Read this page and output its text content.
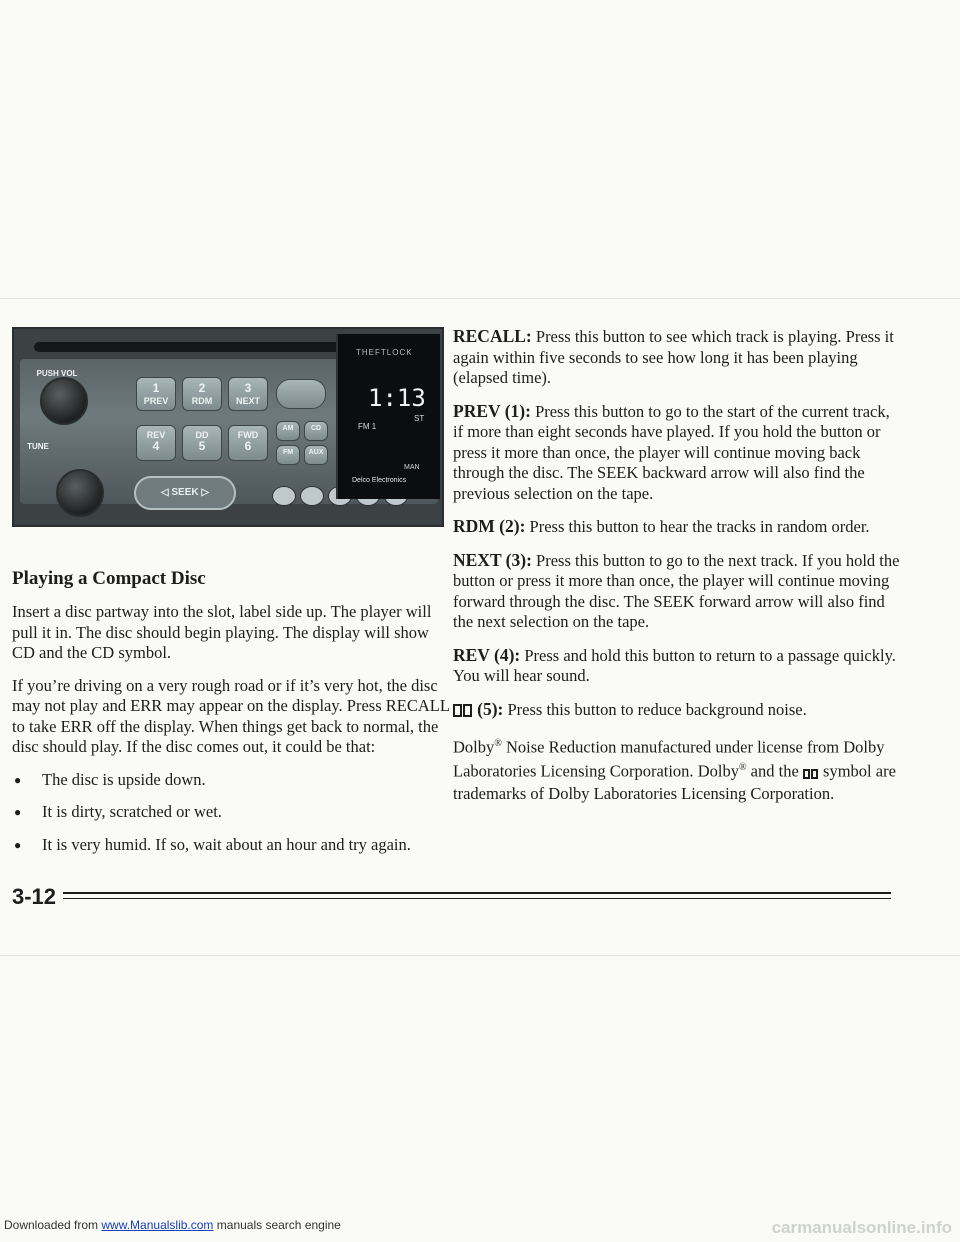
PUSH VOL
TUNE
1
PREV
2
RDM
3
NEXT
REV
4
DD
5
FWD
6
AM	CD
FM	AUX
◁ SEEK ▷
THEFTLOCK
1:13
FM 1
ST
MAN
Delco Electronics
Playing a Compact Disc

Insert a disc partway into the slot, label side up. The player will pull it in. The disc should begin playing. The display will show CD and the CD symbol.

If you’re driving on a very rough road or if it’s very hot, the disc may not play and ERR may appear on the display. Press RECALL to take ERR off the display. When things get back to normal, the disc should play. If the disc comes out, it could be that:

● The disc is upside down.
● It is dirty, scratched or wet.
● It is very humid. If so, wait about an hour and try again.

RECALL: Press this button to see which track is playing. Press it again within five seconds to see how long it has been playing (elapsed time).

PREV (1): Press this button to go to the start of the current track, if more than eight seconds have played. If you hold the button or press it more than once, the player will continue moving back through the disc. The SEEK backward arrow will also find the previous selection on the tape.

RDM (2): Press this button to hear the tracks in random order.

NEXT (3): Press this button to go to the next track. If you hold the button or press it more than once, the player will continue moving forward through the disc. The SEEK forward arrow will also find the next selection on the tape.

REV (4): Press and hold this button to return to a passage quickly. You will hear sound.

(5): Press this button to reduce background noise.

Dolby® Noise Reduction manufactured under license from Dolby Laboratories Licensing Corporation. Dolby® and the  symbol are trademarks of Dolby Laboratories Licensing Corporation.

3-12
Downloaded from www.Manualslib.com manuals search engine	carmanualsonline.info
